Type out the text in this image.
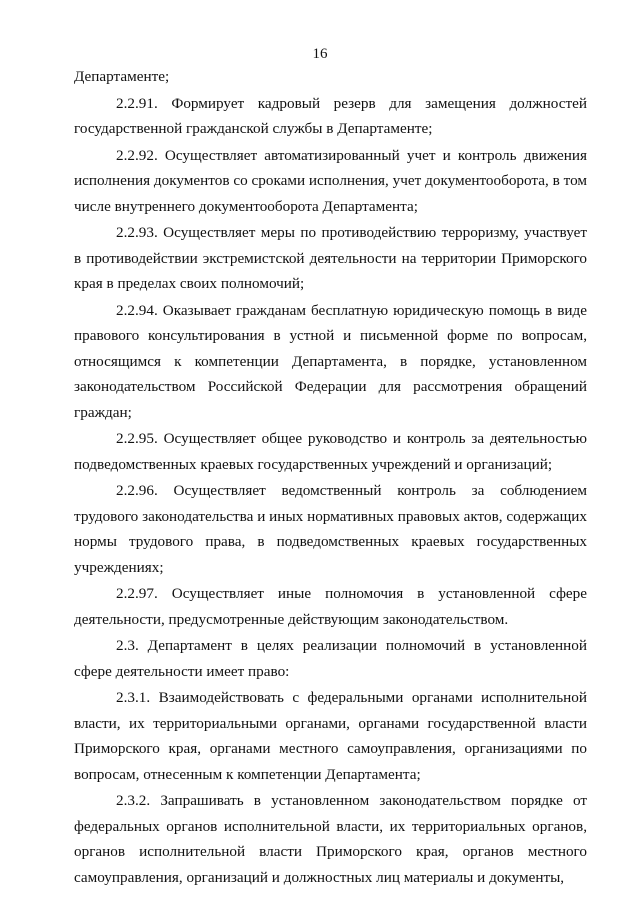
16

Департаменте;

2.2.91. Формирует кадровый резерв для замещения должностей государственной гражданской службы в Департаменте;

2.2.92. Осуществляет автоматизированный учет и контроль движения исполнения документов со сроками исполнения, учет документооборота, в том числе внутреннего документооборота Департамента;

2.2.93. Осуществляет меры по противодействию терроризму, участвует в противодействии экстремистской деятельности на территории Приморского края в пределах своих полномочий;

2.2.94. Оказывает гражданам бесплатную юридическую помощь в виде правового консультирования в устной и письменной форме по вопросам, относящимся к компетенции Департамента, в порядке, установленном законодательством Российской Федерации для рассмотрения обращений граждан;

2.2.95. Осуществляет общее руководство и контроль за деятельностью подведомственных краевых государственных учреждений и организаций;

2.2.96. Осуществляет ведомственный контроль за соблюдением трудового законодательства и иных нормативных правовых актов, содержащих нормы трудового права, в подведомственных краевых государственных учреждениях;

2.2.97. Осуществляет иные полномочия в установленной сфере деятельности, предусмотренные действующим законодательством.

2.3. Департамент в целях реализации полномочий в установленной сфере деятельности имеет право:

2.3.1. Взаимодействовать с федеральными органами исполнительной власти, их территориальными органами, органами государственной власти Приморского края, органами местного самоуправления, организациями по вопросам, отнесенным к компетенции Департамента;

2.3.2. Запрашивать в установленном законодательством порядке от федеральных органов исполнительной власти, их территориальных органов, органов исполнительной власти Приморского края, органов местного самоуправления, организаций и должностных лиц материалы и документы,
